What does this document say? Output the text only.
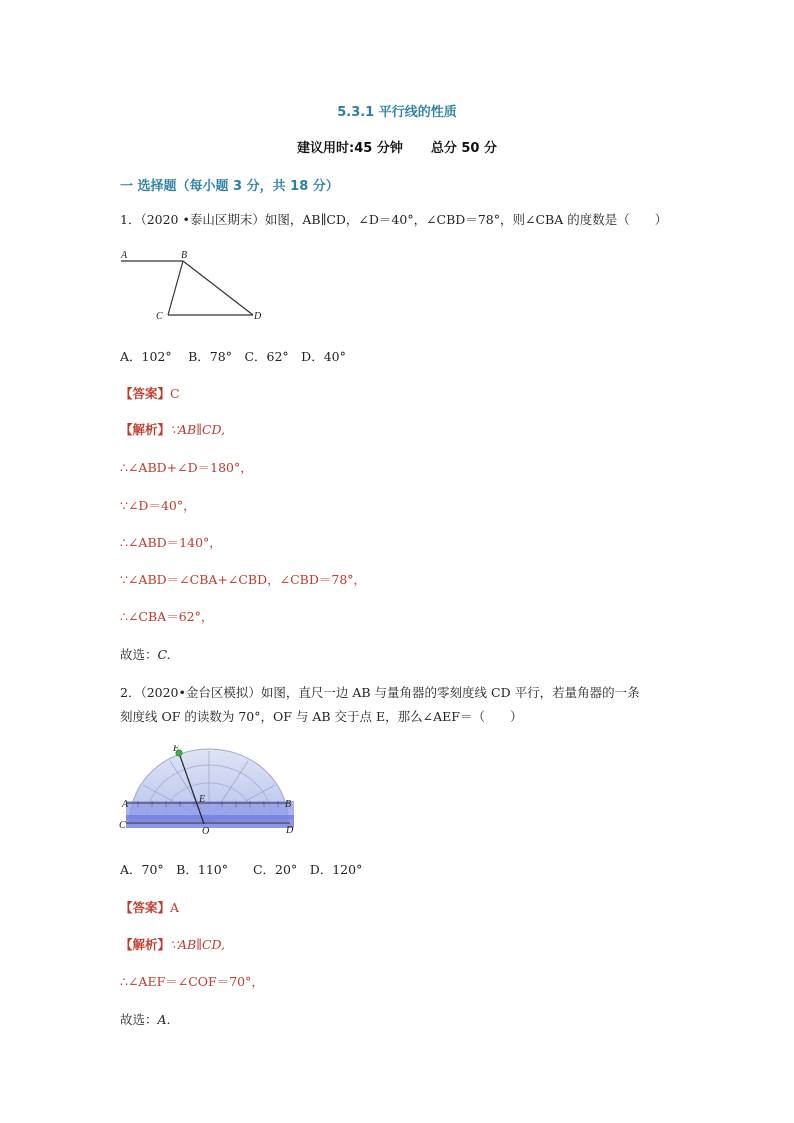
5.3.1 平行线的性质
建议用时:45 分钟 总分 50 分
一 选择题（每小题 3 分，共 18 分）
1．（2020 •泰山区期末）如图，AB∥CD，∠D＝40°，∠CBD＝78°，则∠CBA 的度数是（　　）
A	B
C	D
A．102°　 B．78°　C．62°　D．40°
【答案】C
【解析】∵AB∥CD,
∴∠ABD+∠D＝180°，
∵∠D＝40°，
∴∠ABD＝140°，
∵∠ABD＝∠CBA+∠CBD，∠CBD＝78°，
∴∠CBA＝62°，
故选：C.
2．（2020•金台区模拟）如图，直尺一边 AB 与量角器的零刻度线 CD 平行，若量角器的一条
刻度线 OF 的读数为 70°，OF 与 AB 交于点 E，那么∠AEF＝（　　）
F
A	B
C	D
E
O
A．70°　B．110°　　C．20°　D．120°
【答案】A
【解析】∵AB∥CD,
∴∠AEF＝∠COF＝70°，
故选：A.
